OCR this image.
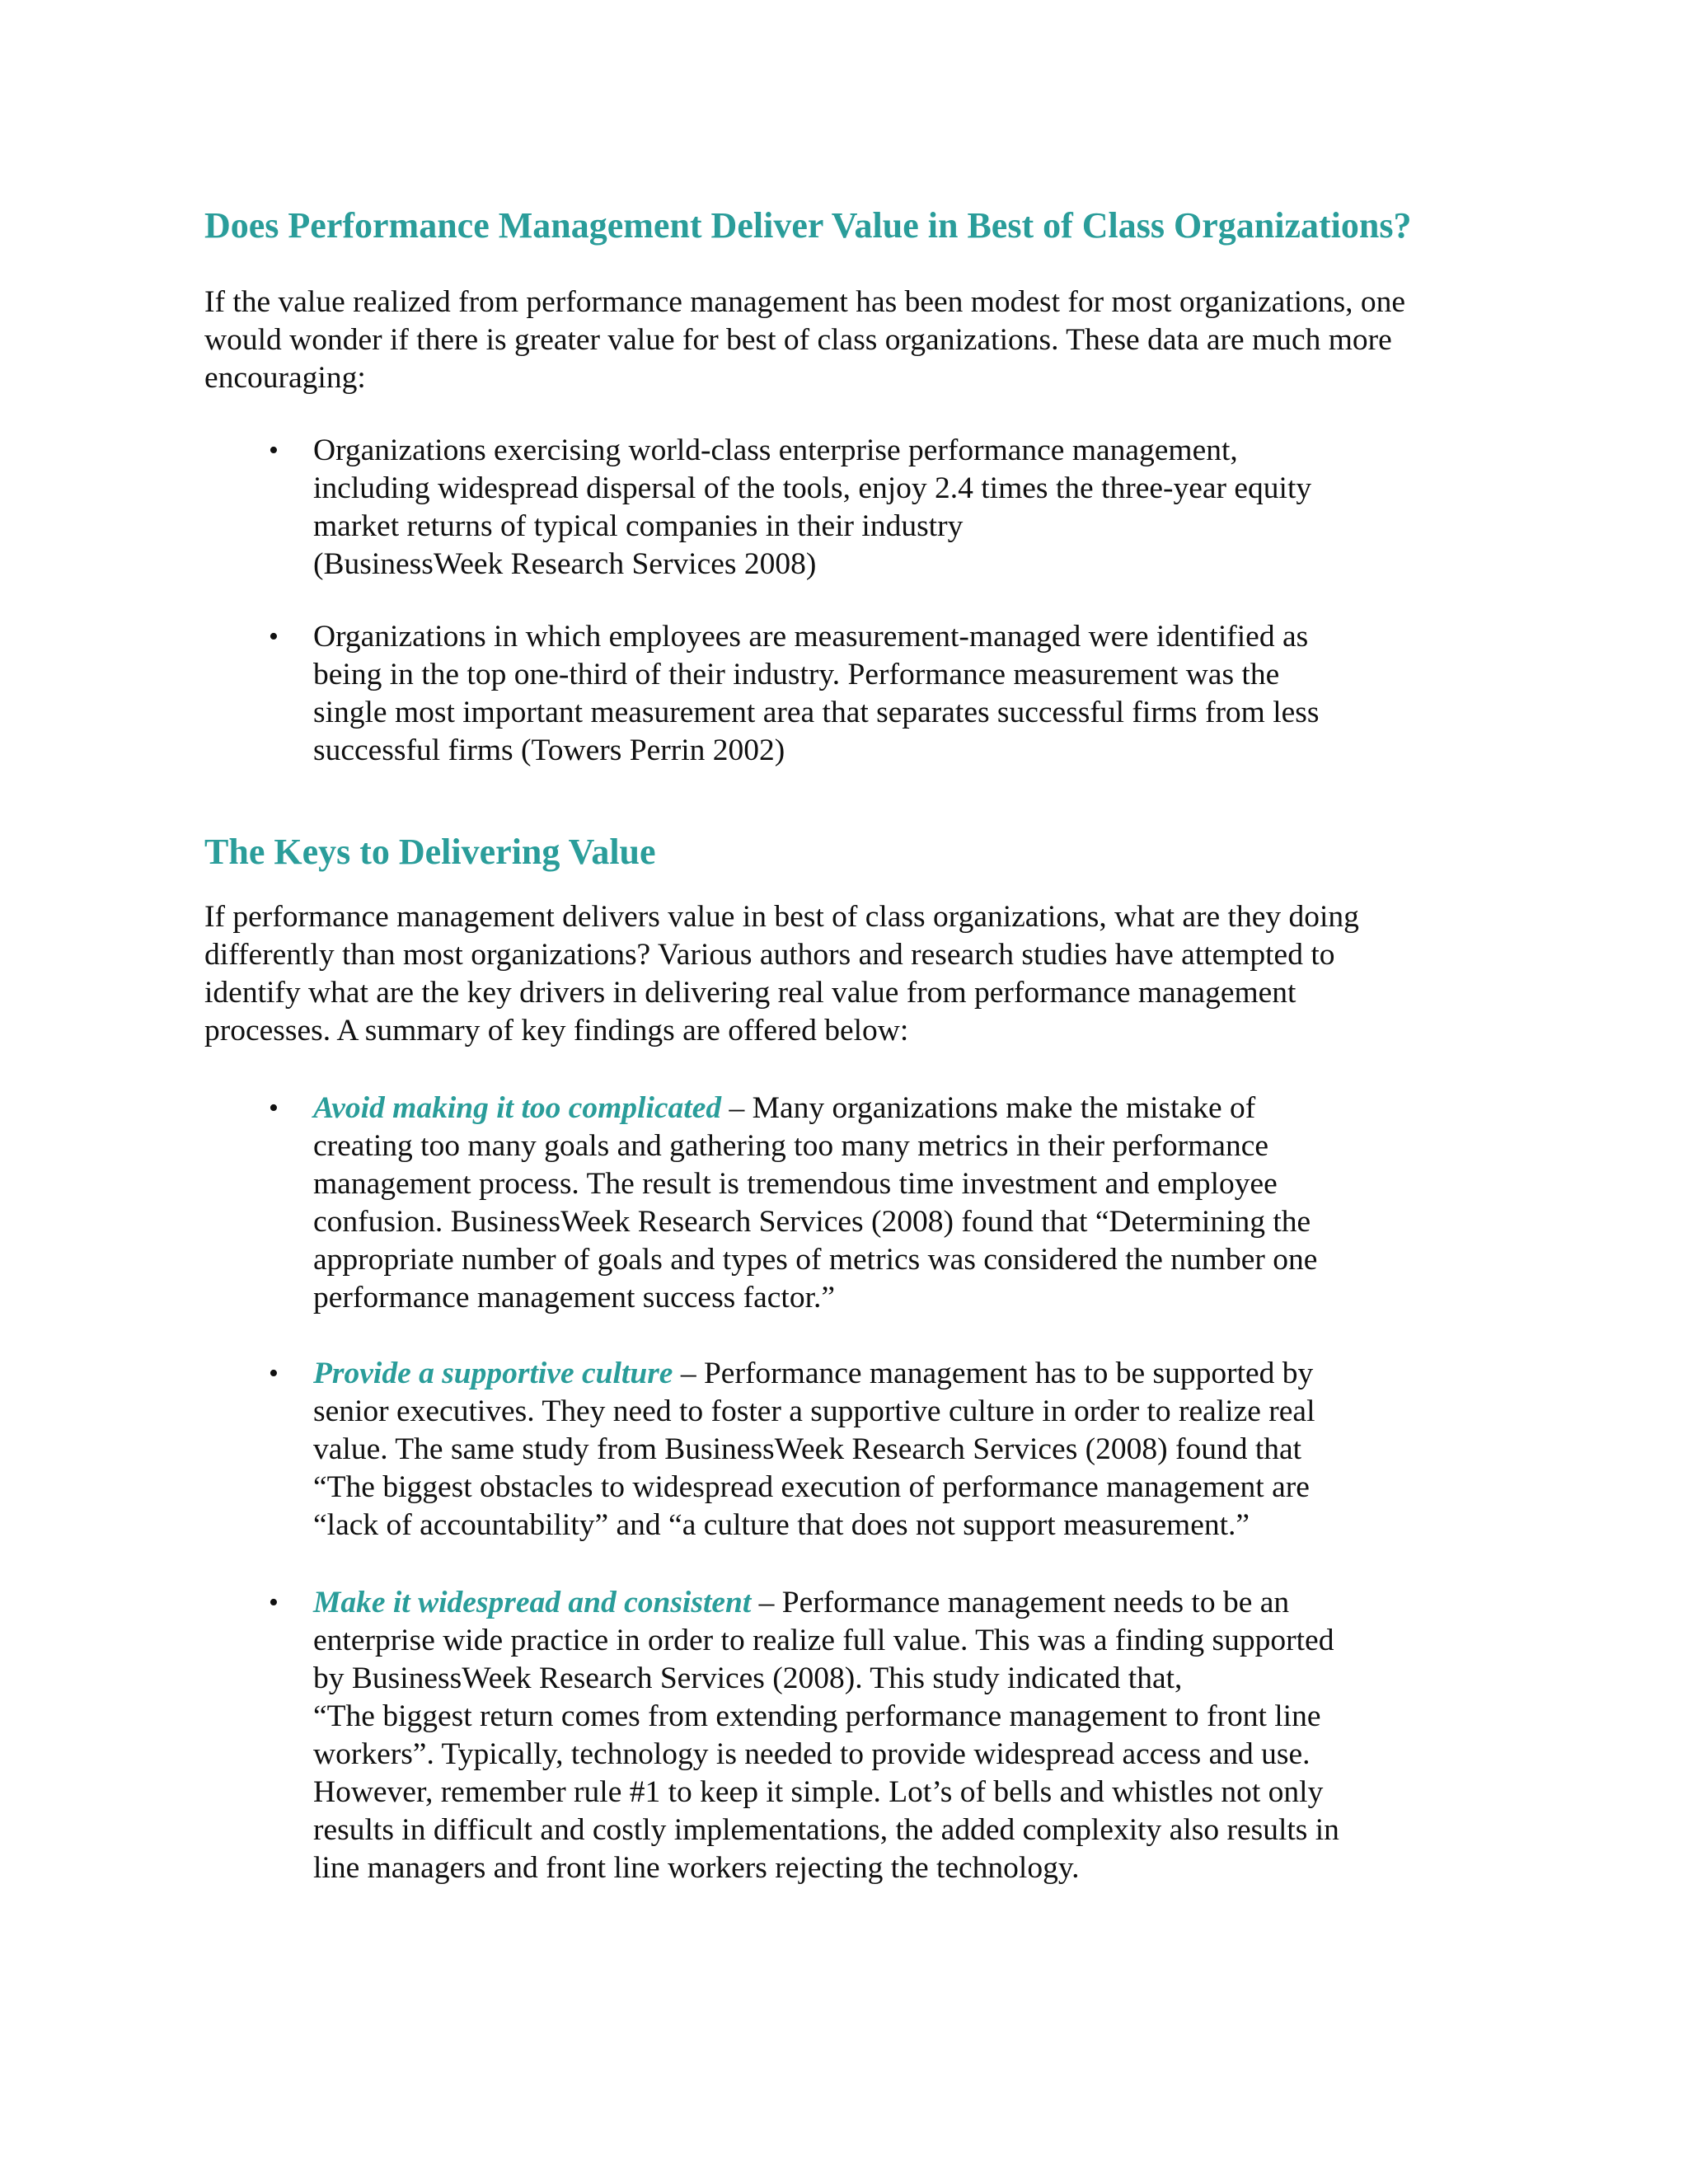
Does Performance Management Deliver Value in Best of Class Organizations?

If the value realized from performance management has been modest for most organizations, one
would wonder if there is greater value for best of class organizations. These data are much more
encouraging:

• Organizations exercising world-class enterprise performance management,
including widespread dispersal of the tools, enjoy 2.4 times the three-year equity
market returns of typical companies in their industry
(BusinessWeek Research Services 2008)
• Organizations in which employees are measurement-managed were identified as
being in the top one-third of their industry. Performance measurement was the
single most important measurement area that separates successful firms from less
successful firms (Towers Perrin 2002)
The Keys to Delivering Value

If performance management delivers value in best of class organizations, what are they doing
differently than most organizations? Various authors and research studies have attempted to
identify what are the key drivers in delivering real value from performance management
processes. A summary of key findings are offered below:

• Avoid making it too complicated – Many organizations make the mistake of
creating too many goals and gathering too many metrics in their performance
management process. The result is tremendous time investment and employee
confusion. BusinessWeek Research Services (2008) found that “Determining the
appropriate number of goals and types of metrics was considered the number one
performance management success factor.”
• Provide a supportive culture – Performance management has to be supported by
senior executives. They need to foster a supportive culture in order to realize real
value. The same study from BusinessWeek Research Services (2008) found that
“The biggest obstacles to widespread execution of performance management are
“lack of accountability” and “a culture that does not support measurement.”
• Make it widespread and consistent – Performance management needs to be an
enterprise wide practice in order to realize full value. This was a finding supported
by BusinessWeek Research Services (2008). This study indicated that,
“The biggest return comes from extending performance management to front line
workers”. Typically, technology is needed to provide widespread access and use.
However, remember rule #1 to keep it simple. Lot’s of bells and whistles not only
results in difficult and costly implementations, the added complexity also results in
line managers and front line workers rejecting the technology.
